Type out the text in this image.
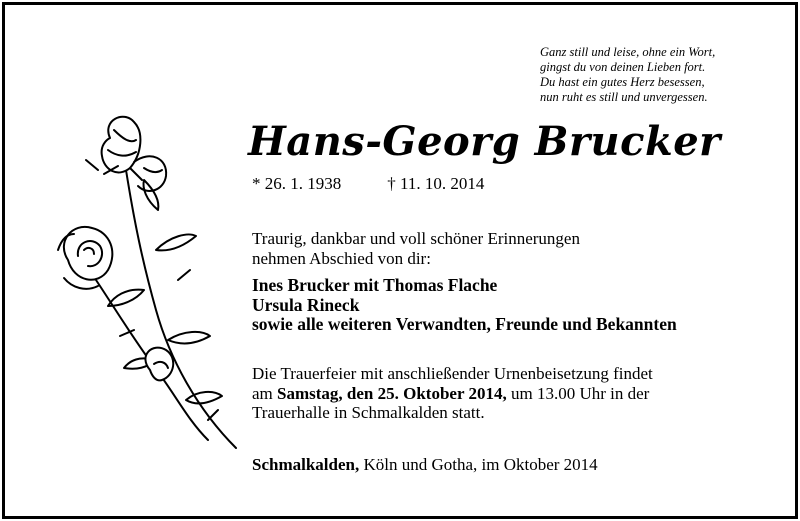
Ganz still und leise, ohne ein Wort,
gingst du von deinen Lieben fort.
Du hast ein gutes Herz besessen,
nun ruht es still und unvergessen.
Hans-Georg Brucker
* 26. 1. 1938	† 11. 10. 2014
Traurig, dankbar und voll schöner Erinnerungen
nehmen Abschied von dir:
Ines Brucker mit Thomas Flache
Ursula Rineck
sowie alle weiteren Verwandten, Freunde und Bekannten
Die Trauerfeier mit anschließender Urnenbeisetzung findet
am Samstag, den 25. Oktober 2014, um 13.00 Uhr in der
Trauerhalle in Schmalkalden statt.
Schmalkalden, Köln und Gotha, im Oktober 2014
